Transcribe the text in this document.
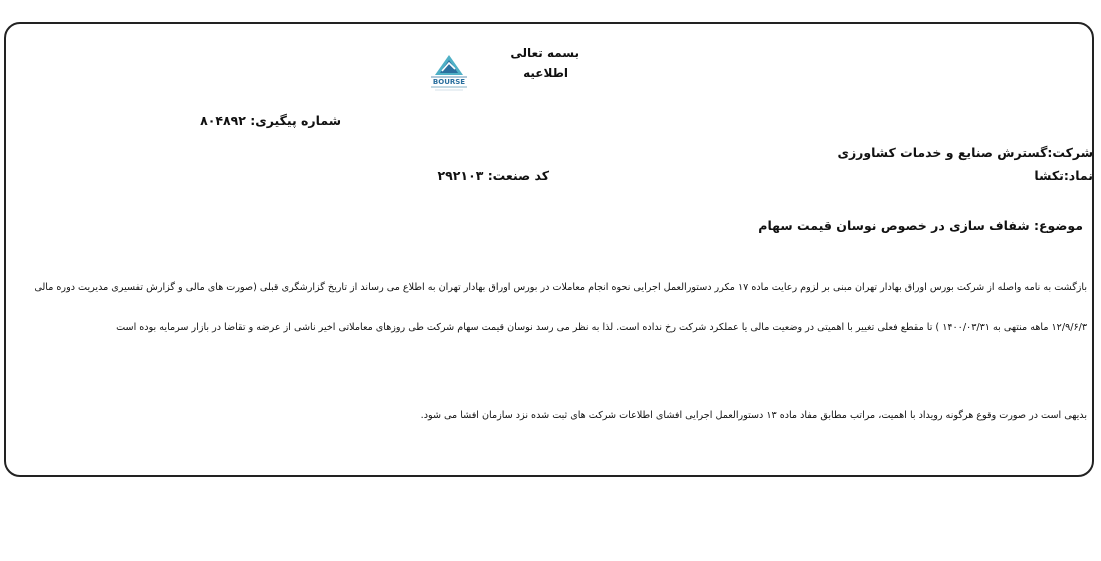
BOURSE
بسمه تعالی
اطلاعیه
شماره پیگیری: ۸۰۴۸۹۲
شرکت:گسترش صنایع و خدمات کشاورزی
نماد:تکشا
کد صنعت: ۲۹۲۱۰۳
موضوع: شفاف سازی در خصوص نوسان قیمت سهام
بازگشت به نامه واصله از شرکت بورس اوراق بهادار تهران مبنی بر لزوم رعایت ماده ۱۷ مکرر دستورالعمل اجرایی نحوه انجام معاملات در بورس اوراق بهادار تهران به اطلاع می رساند از تاریخ گزارشگری قبلی (صورت های مالی و گزارش تفسیری مدیریت دوره مالی
۱۲/۹/۶/۳ ماهه منتهی به ۱۴۰۰/۰۳/۳۱ ) تا مقطع فعلی تغییر با اهمیتی در وضعیت مالی یا عملکرد شرکت رخ نداده است. لذا به نظر می رسد نوسان قیمت سهام شرکت طی روزهای معاملاتی اخیر ناشی از عرضه و تقاضا در بازار سرمایه بوده است
بدیهی است در صورت وقوع هرگونه رویداد با اهمیت، مراتب مطابق مفاد ماده ۱۳ دستورالعمل اجرایی افشای اطلاعات شرکت های ثبت شده نزد سازمان افشا می شود.
